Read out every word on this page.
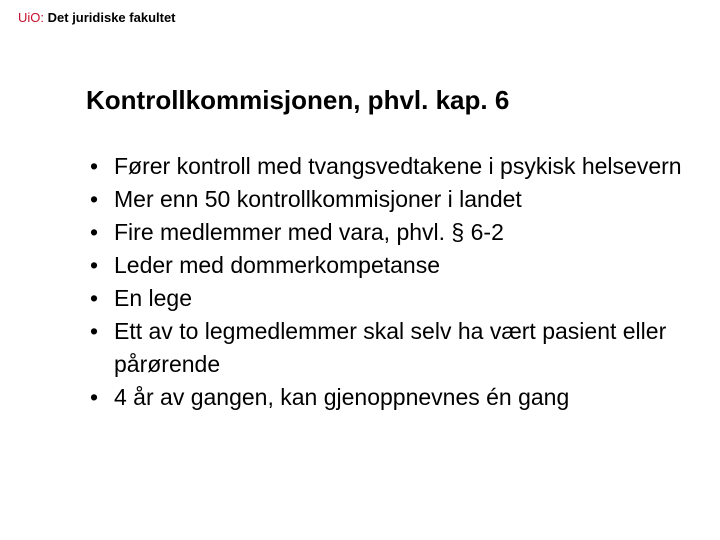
UiO: Det juridiske fakultet
Kontrollkommisjonen, phvl. kap. 6
• Fører kontroll med tvangsvedtakene i psykisk helsevern
• Mer enn 50 kontrollkommisjoner i landet
• Fire medlemmer med vara, phvl. § 6-2
• Leder med dommerkompetanse
• En lege
• Ett av to legmedlemmer skal selv ha vært pasient eller pårørende
• 4 år av gangen, kan gjenoppnevnes én gang
